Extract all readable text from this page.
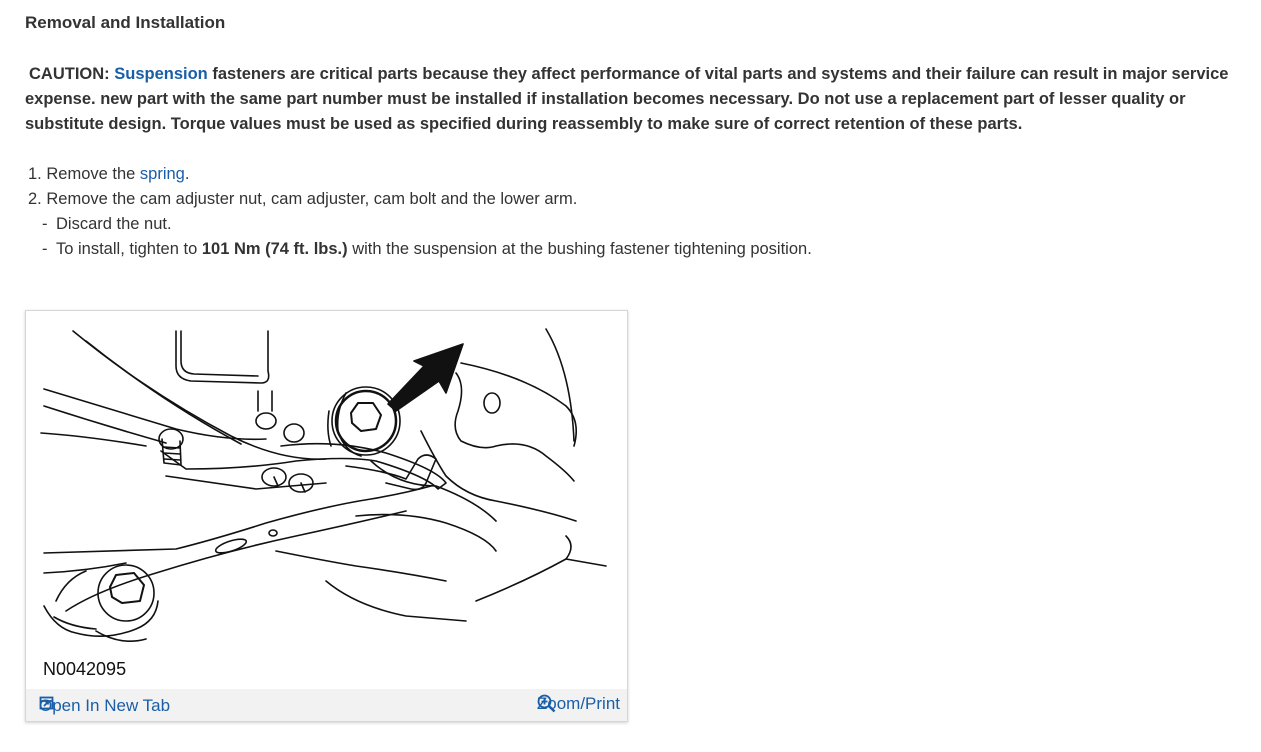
Removal and Installation
CAUTION: Suspension fasteners are critical parts because they affect performance of vital parts and systems and their failure can result in major service expense. new part with the same part number must be installed if installation becomes necessary. Do not use a replacement part of lesser quality or substitute design. Torque values must be used as specified during reassembly to make sure of correct retention of these parts.
1. Remove the spring.
2. Remove the cam adjuster nut, cam adjuster, cam bolt and the lower arm.
- Discard the nut.
- To install, tighten to 101 Nm (74 ft. lbs.) with the suspension at the bushing fastener tightening position.
N0042095
Open In New Tab	Zoom/Print
